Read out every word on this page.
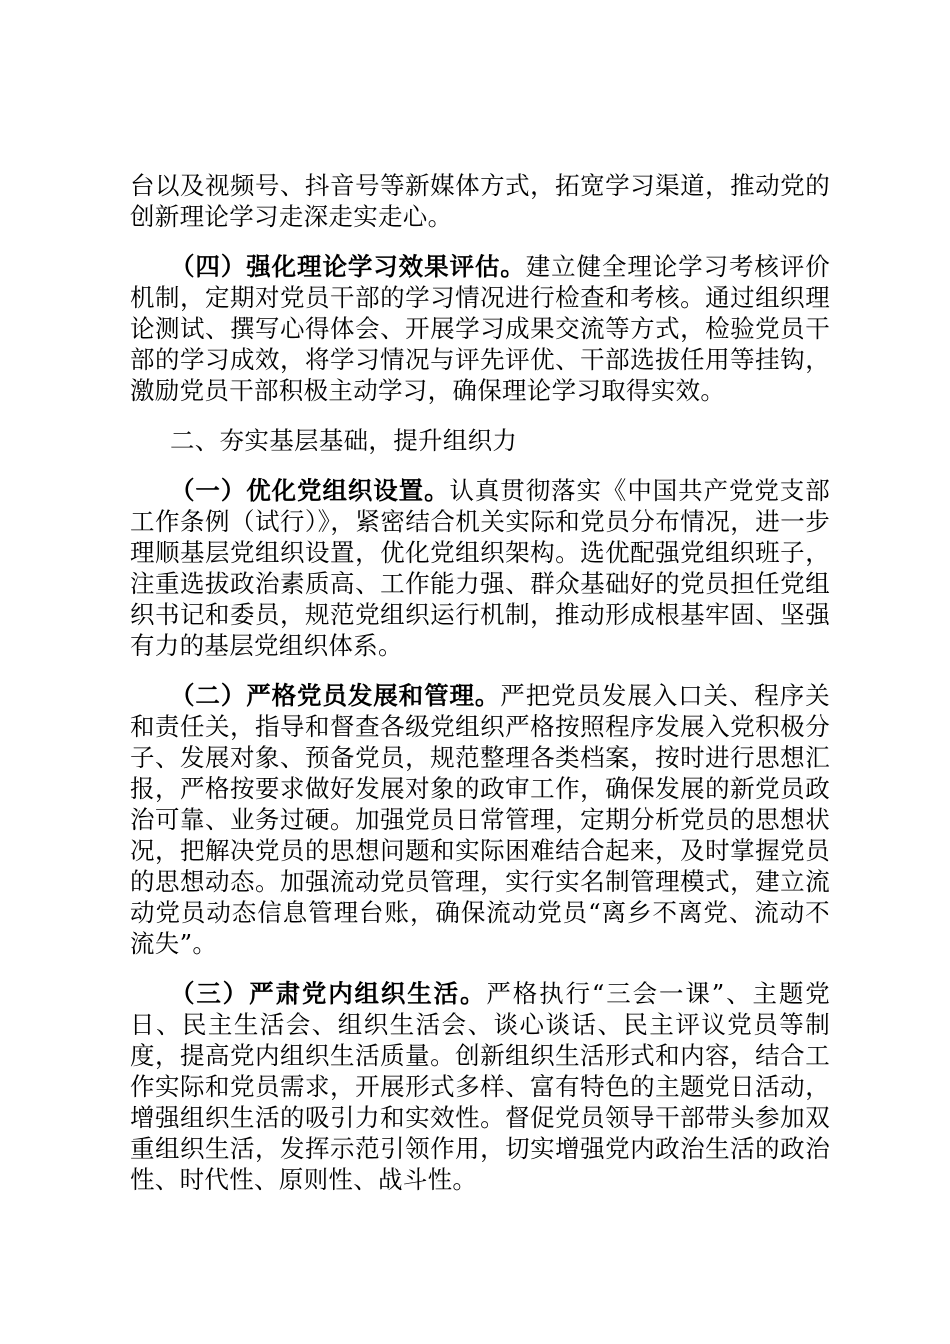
台以及视频号、抖音号等新媒体方式，拓宽学习渠道，推动党的创新理论学习走深走实走心。

（四）强化理论学习效果评估。建立健全理论学习考核评价机制，定期对党员干部的学习情况进行检查和考核。通过组织理论测试、撰写心得体会、开展学习成果交流等方式，检验党员干部的学习成效，将学习情况与评先评优、干部选拔任用等挂钩，激励党员干部积极主动学习，确保理论学习取得实效。

二、夯实基层基础，提升组织力

（一）优化党组织设置。认真贯彻落实《中国共产党党支部工作条例（试行）》，紧密结合机关实际和党员分布情况，进一步理顺基层党组织设置，优化党组织架构。选优配强党组织班子，注重选拔政治素质高、工作能力强、群众基础好的党员担任党组织书记和委员，规范党组织运行机制，推动形成根基牢固、坚强有力的基层党组织体系。

（二）严格党员发展和管理。严把党员发展入口关、程序关和责任关，指导和督查各级党组织严格按照程序发展入党积极分子、发展对象、预备党员，规范整理各类档案，按时进行思想汇报，严格按要求做好发展对象的政审工作，确保发展的新党员政治可靠、业务过硬。加强党员日常管理，定期分析党员的思想状况，把解决党员的思想问题和实际困难结合起来，及时掌握党员的思想动态。加强流动党员管理，实行实名制管理模式，建立流动党员动态信息管理台账，确保流动党员“离乡不离党、流动不流失”。

（三）严肃党内组织生活。严格执行“三会一课”、主题党日、民主生活会、组织生活会、谈心谈话、民主评议党员等制度，提高党内组织生活质量。创新组织生活形式和内容，结合工作实际和党员需求，开展形式多样、富有特色的主题党日活动，增强组织生活的吸引力和实效性。督促党员领导干部带头参加双重组织生活，发挥示范引领作用，切实增强党内政治生活的政治性、时代性、原则性、战斗性。
